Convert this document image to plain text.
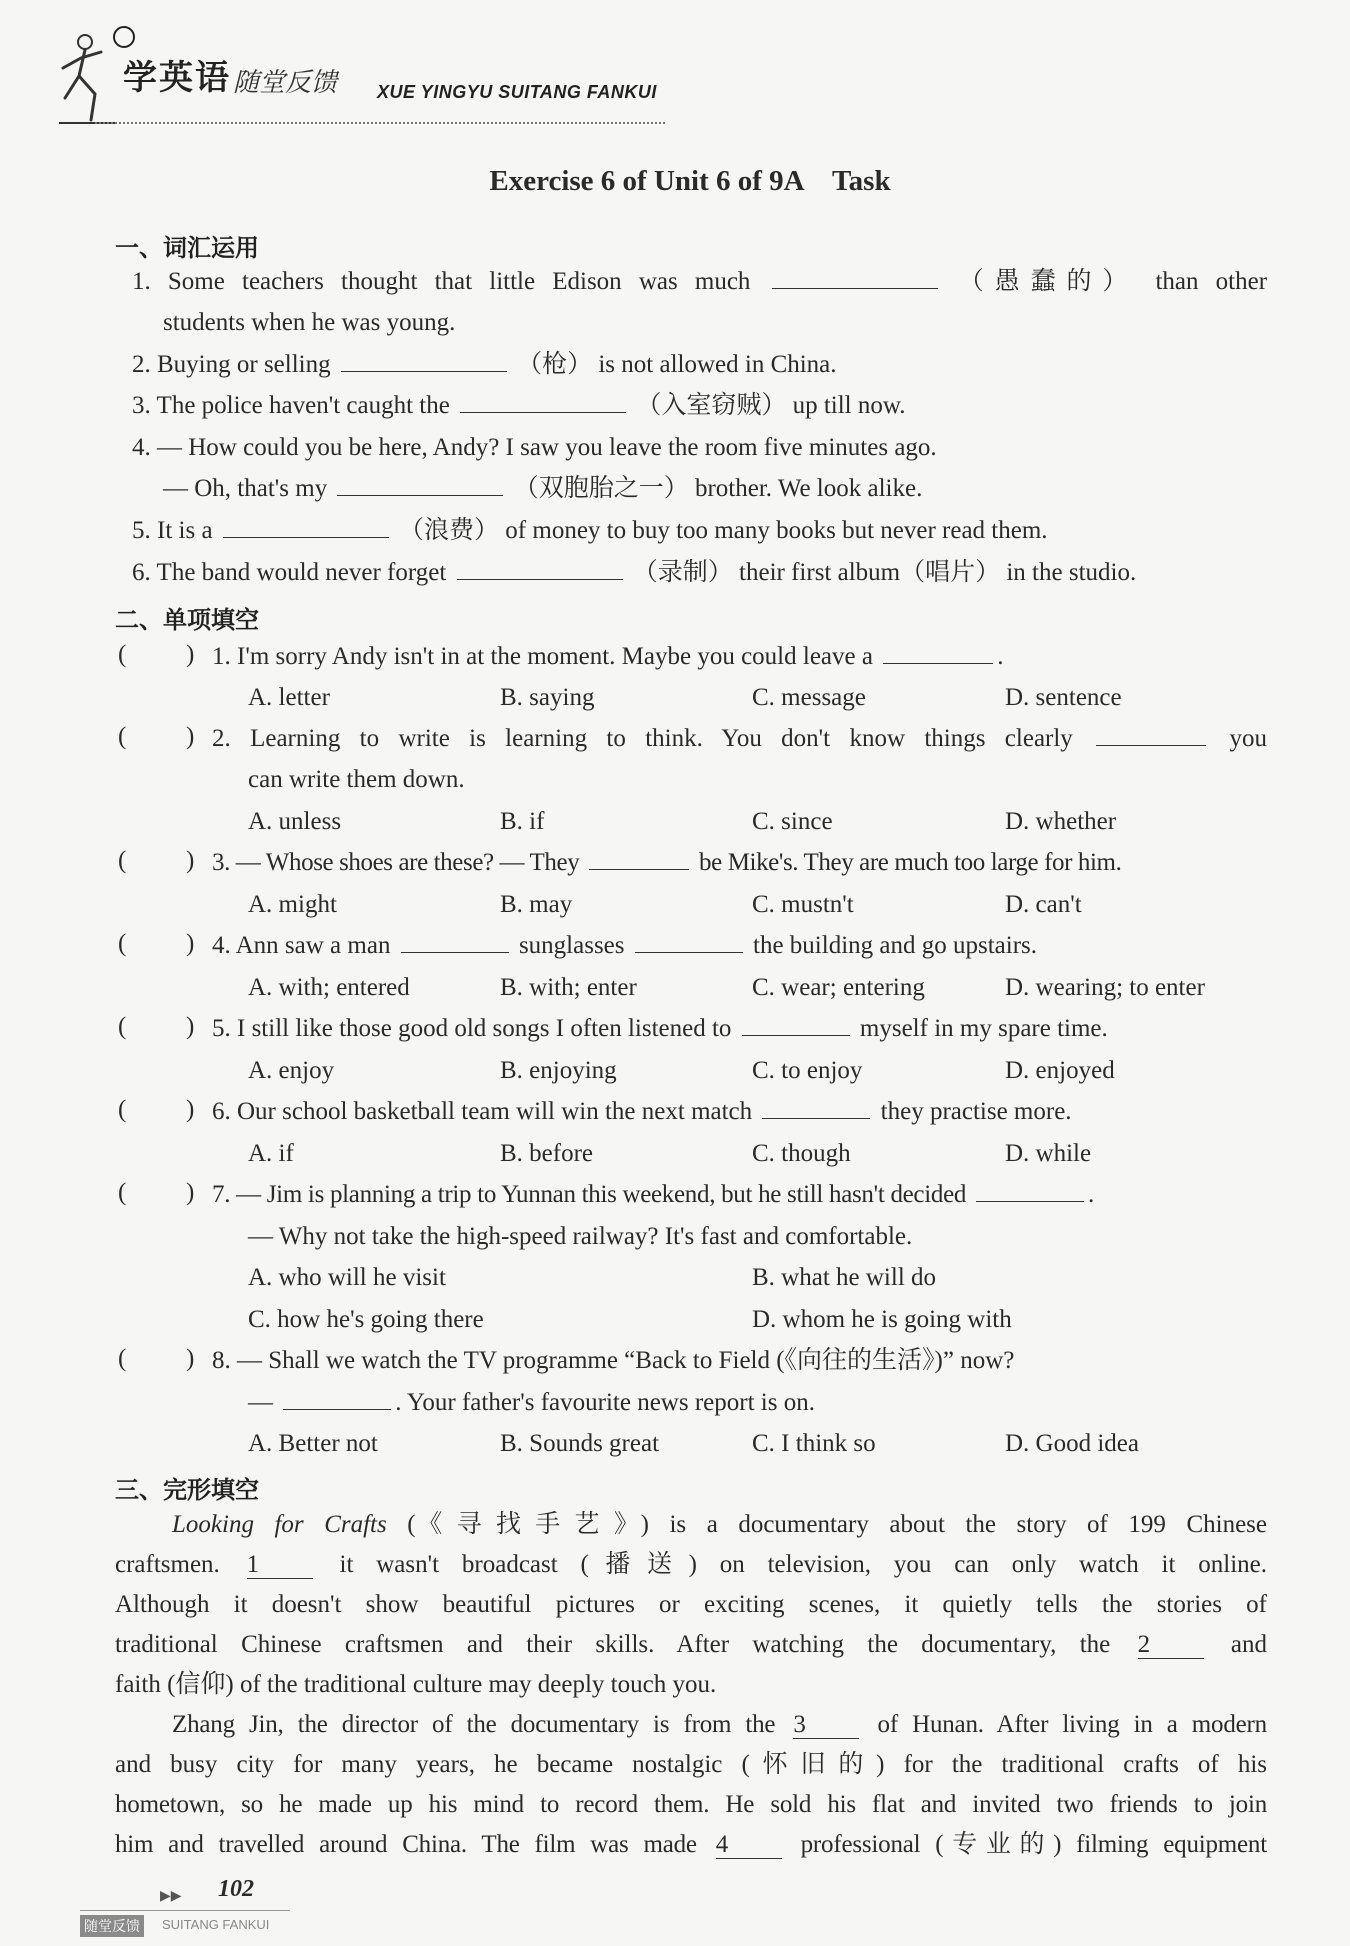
学英语 随堂反馈 XUE YINGYU SUITANG FANKUI
Exercise 6 of Unit 6 of 9A　Task
一、词汇运用
1. Some teachers thought that little Edison was much	（愚蠢的） than other
students when he was young.
2. Buying or selling	（枪） is not allowed in China.
3. The police haven't caught the	（入室窃贼） up till now.
4. — How could you be here, Andy? I saw you leave the room five minutes ago.
— Oh, that's my	（双胞胎之一） brother. We look alike.
5. It is a	（浪费） of money to buy too many books but never read them.
6. The band would never forget	（录制） their first album（唱片） in the studio.
二、单项填空
( ) 1. I'm sorry Andy isn't in at the moment. Maybe you could leave a	.
A. letter	B. saying	C. message	D. sentence
( ) 2. Learning to write is learning to think. You don't know things clearly	you
can write them down.
A. unless	B. if	C. since	D. whether
( ) 3. — Whose shoes are these? — They	be Mike's. They are much too large for him.
A. might	B. may	C. mustn't	D. can't
( ) 4. Ann saw a man	sunglasses	the building and go upstairs.
A. with; entered	B. with; enter	C. wear; entering	D. wearing; to enter
( ) 5. I still like those good old songs I often listened to	myself in my spare time.
A. enjoy	B. enjoying	C. to enjoy	D. enjoyed
( ) 6. Our school basketball team will win the next match	they practise more.
A. if	B. before	C. though	D. while
( ) 7. — Jim is planning a trip to Yunnan this weekend, but he still hasn't decided	.
— Why not take the high-speed railway? It's fast and comfortable.
A. who will he visit	B. what he will do
C. how he's going there	D. whom he is going with
( ) 8. — Shall we watch the TV programme “Back to Field (《向往的生活》)” now?
—	. Your father's favourite news report is on.
A. Better not	B. Sounds great	C. I think so	D. Good idea
三、完形填空
Looking for Crafts (《寻找手艺》) is a documentary about the story of 199 Chinese
craftsmen. 1	it wasn't broadcast (播送) on television, you can only watch it online.
Although it doesn't show beautiful pictures or exciting scenes, it quietly tells the stories of
traditional Chinese craftsmen and their skills. After watching the documentary, the 2	and
faith (信仰) of the traditional culture may deeply touch you.
Zhang Jin, the director of the documentary is from the 3	of Hunan. After living in a modern
and busy city for many years, he became nostalgic (怀旧的) for the traditional crafts of his
hometown, so he made up his mind to record them. He sold his flat and invited two friends to join
him and travelled around China. The film was made 4	professional (专业的) filming equipment
▶▶ 102
随堂反馈	SUITANG FANKUI
